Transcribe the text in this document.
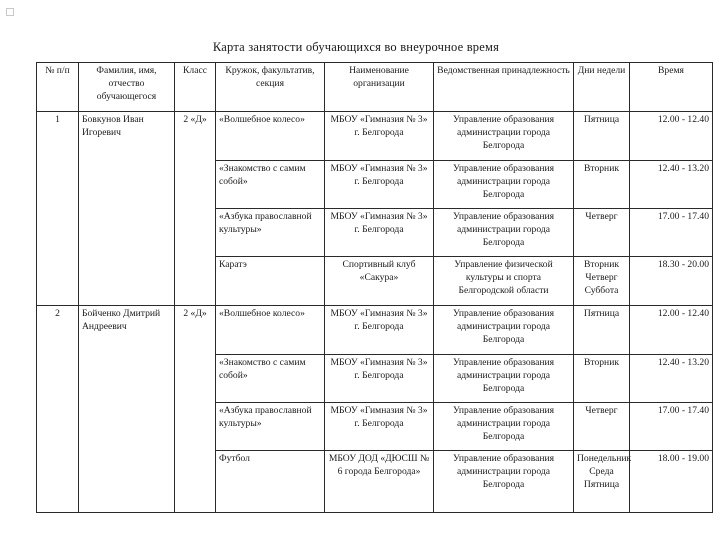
Карта занятости обучающихся во внеурочное время
№ п/п	Фамилия, имя, отчество обучающегося	Класс	Кружок, факультатив, секция	Наименование организации	Ведомственная принадлежность	Дни недели	Время
1	Бовкунов Иван Игоревич	2 «Д»	«Волшебное колесо»	МБОУ «Гимназия № 3» г. Белгорода	Управление образования администрации города Белгорода	Пятница	12.00 - 12.40
			«Знакомство с самим собой»	МБОУ «Гимназия № 3» г. Белгорода	Управление образования администрации города Белгорода	Вторник	12.40 - 13.20
			«Азбука православной культуры»	МБОУ «Гимназия № 3» г. Белгорода	Управление образования администрации города Белгорода	Четверг	17.00 - 17.40
			Каратэ	Спортивный клуб «Сакура»	Управление физической культуры и спорта Белгородской области	Вторник Четверг Суббота	18.30 - 20.00
2	Бойченко Дмитрий Андреевич	2 «Д»	«Волшебное колесо»	МБОУ «Гимназия № 3» г. Белгорода	Управление образования администрации города Белгорода	Пятница	12.00 - 12.40
			«Знакомство с самим собой»	МБОУ «Гимназия № 3» г. Белгорода	Управление образования администрации города Белгорода	Вторник	12.40 - 13.20
			«Азбука православной культуры»	МБОУ «Гимназия № 3» г. Белгорода	Управление образования администрации города Белгорода	Четверг	17.00 - 17.40
			Футбол	МБОУ ДОД «ДЮСШ № 6 города Белгорода»	Управление образования администрации города Белгорода	Понедельник Среда Пятница	18.00 - 19.00
